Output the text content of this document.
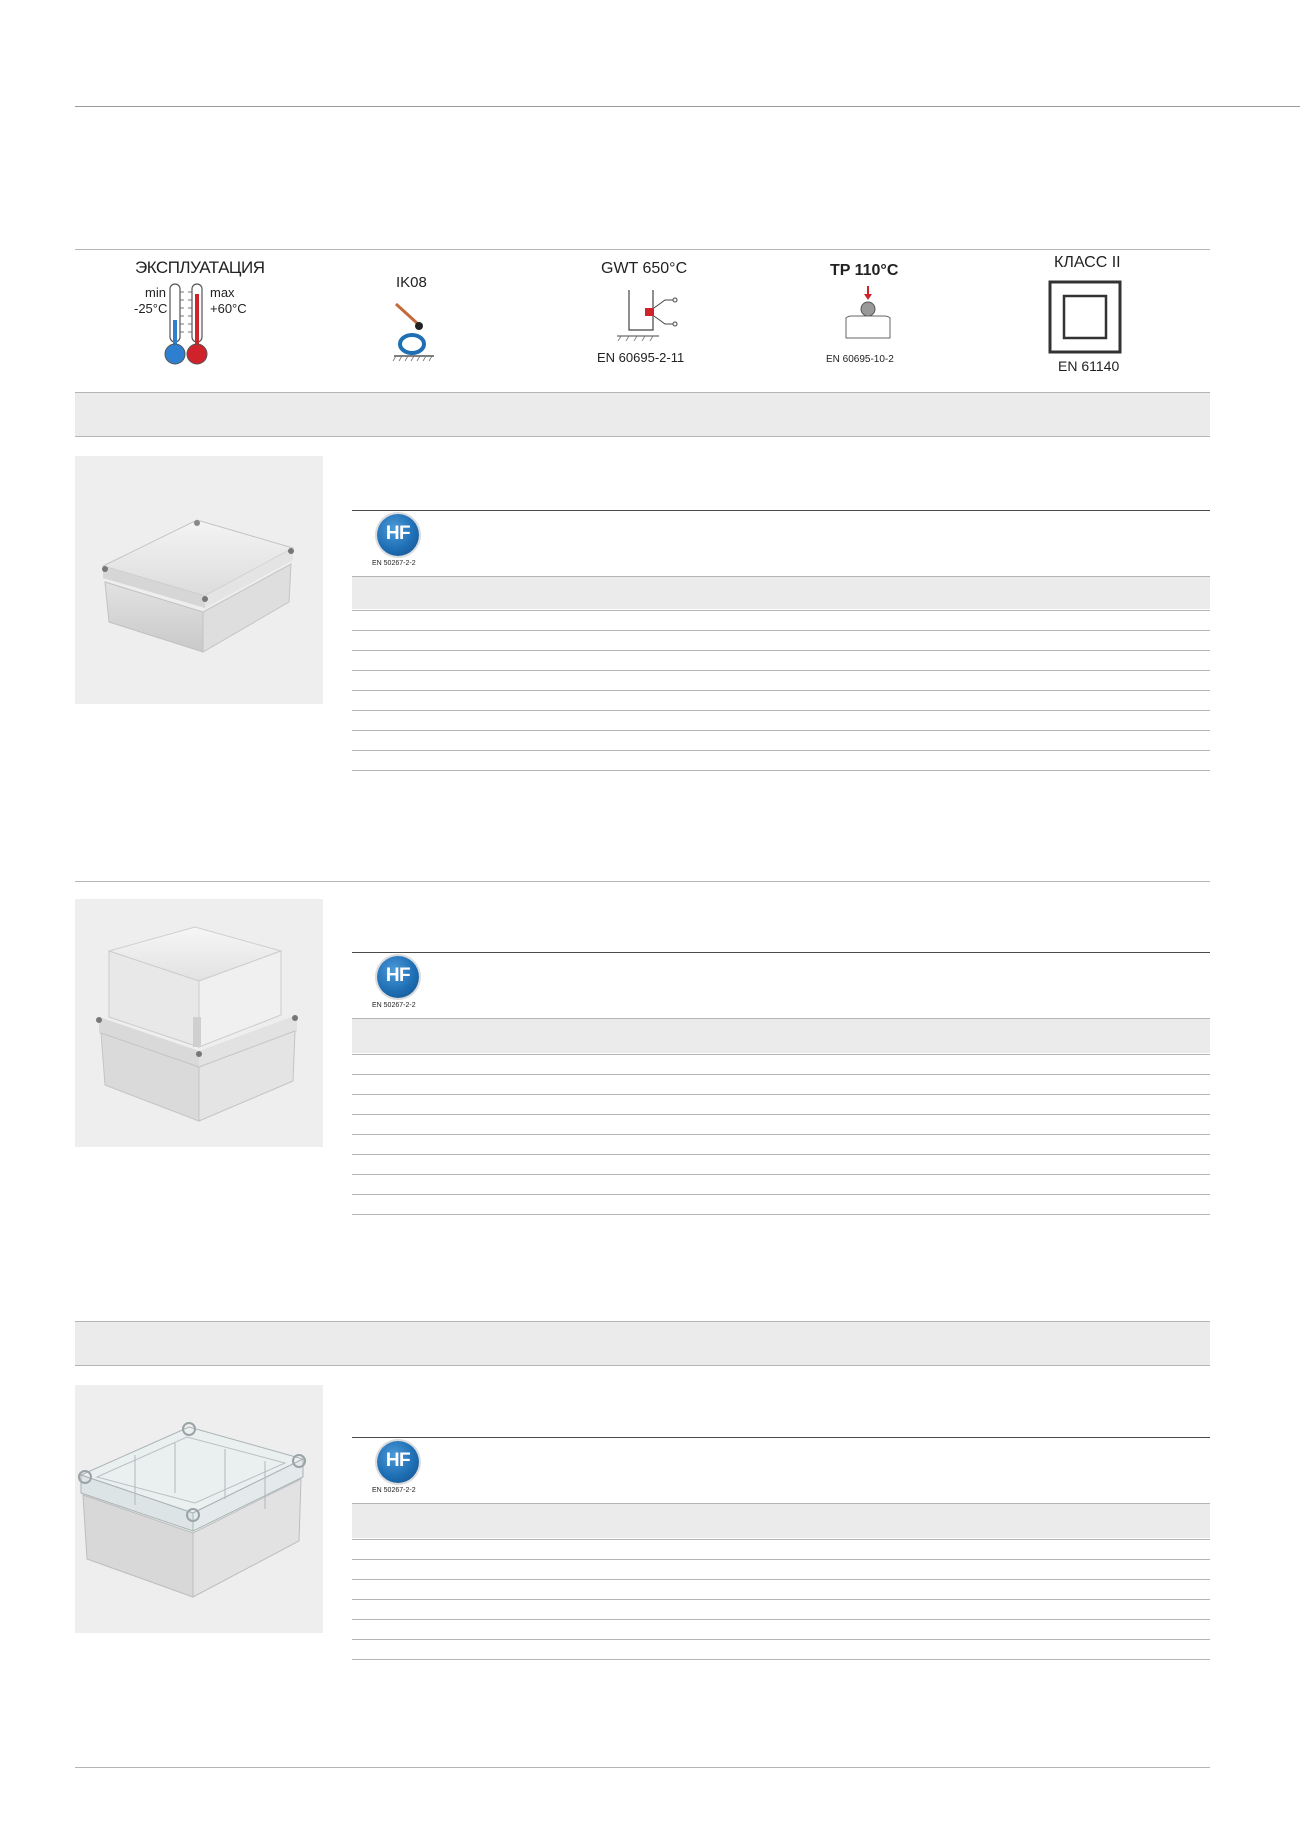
ЭКСПЛУАТАЦИЯ
min
-25°C
max
+60°C
IK08
GWT 650°C
EN 60695-2-11
TP 110°C
EN 60695-10-2
КЛАСС II
EN 61140
HF
EN 50267-2-2
HF
EN 50267-2-2
HF
EN 50267-2-2
